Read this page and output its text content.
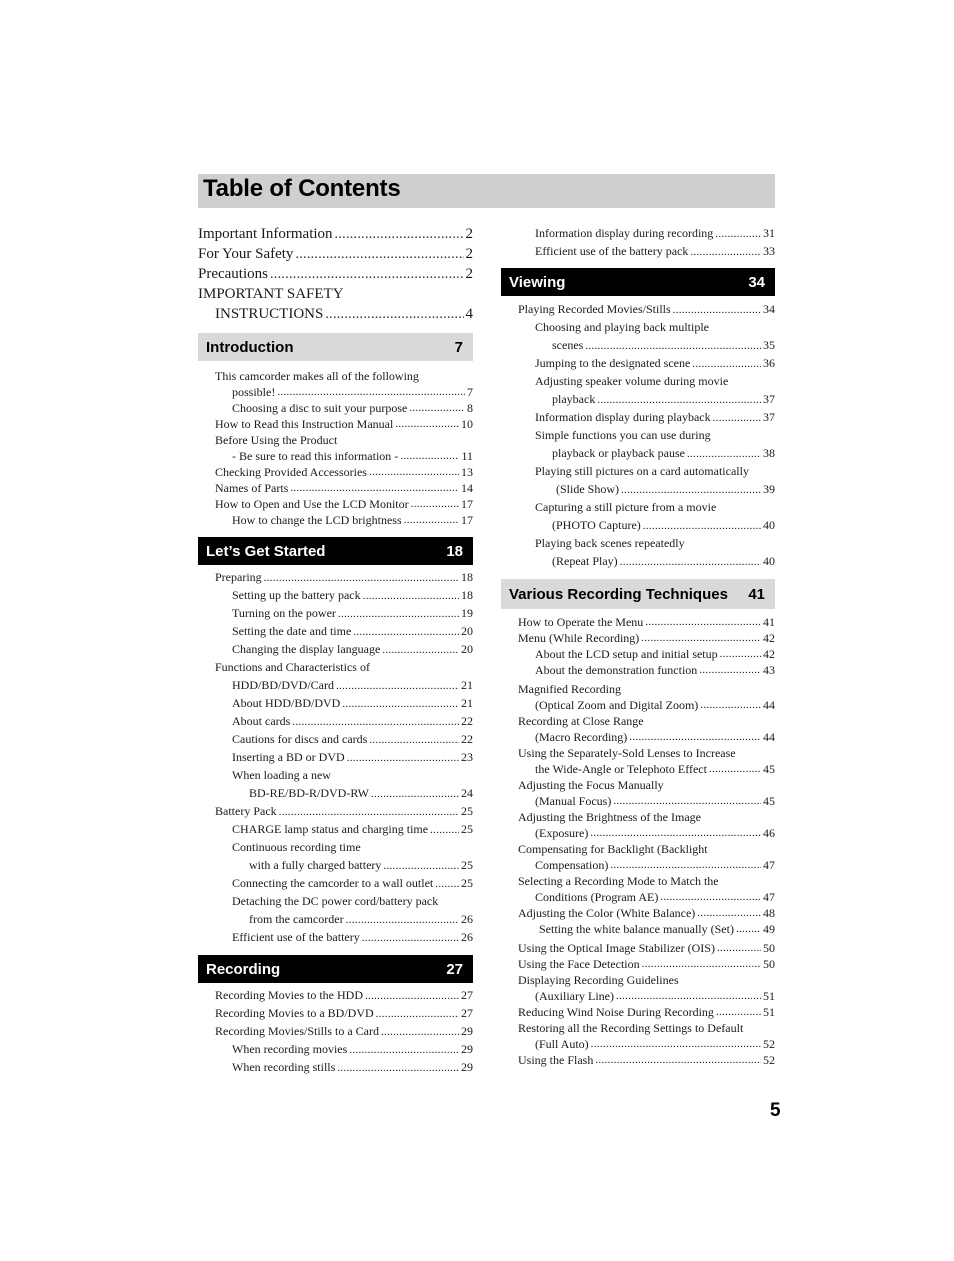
Table of Contents
Important Information .....	2
For Your Safety .....	2
Precautions .....	2
IMPORTANT SAFETY
INSTRUCTIONS .....	4
Introduction	7
This camcorder makes all of the following
possible! .....	7
Choosing a disc to suit your purpose .....	8
How to Read this Instruction Manual .....	10
Before Using the Product
- Be sure to read this information - .....	11
Checking Provided Accessories .....	13
Names of Parts .....	14
How to Open and Use the LCD Monitor .....	17
How to change the LCD brightness .....	17
Let’s Get Started	18
Preparing .....	18
Setting up the battery pack .....	18
Turning on the power .....	19
Setting the date and time .....	20
Changing the display language .....	20
Functions and Characteristics of
HDD/BD/DVD/Card .....	21
About HDD/BD/DVD .....	21
About cards .....	22
Cautions for discs and cards .....	22
Inserting a BD or DVD .....	23
When loading a new
BD-RE/BD-R/DVD-RW .....	24
Battery Pack .....	25
CHARGE lamp status and charging time .....	25
Continuous recording time
with a fully charged battery .....	25
Connecting the camcorder to a wall outlet ..... 25
Detaching the DC power cord/battery pack
from the camcorder .....	26
Efficient use of the battery .....	26
Recording	27
Recording Movies to the HDD .....	27
Recording Movies to a BD/DVD .....	27
Recording Movies/Stills to a Card .....	29
When recording movies .....	29
When recording stills .....	29
Information display during recording .....	31
Efficient use of the battery pack .....	33
Viewing	34
Playing Recorded Movies/Stills .....	34
Choosing and playing back multiple
scenes .....	35
Jumping to the designated scene .....	36
Adjusting speaker volume during movie
playback .....	37
Information display during playback .....	37
Simple functions you can use during
playback or playback pause .....	38
Playing still pictures on a card automatically
(Slide Show) .....	39
Capturing a still picture from a movie
(PHOTO Capture) .....	40
Playing back scenes repeatedly
(Repeat Play) .....	40
Various Recording Techniques 41
How to Operate the Menu .....	41
Menu (While Recording) .....	42
About the LCD setup and initial setup .....	42
About the demonstration function .....	43
Magnified Recording
(Optical Zoom and Digital Zoom) .....	44
Recording at Close Range
(Macro Recording) .....	44
Using the Separately-Sold Lenses to Increase
the Wide-Angle or Telephoto Effect .....	45
Adjusting the Focus Manually
(Manual Focus) .....	45
Adjusting the Brightness of the Image
(Exposure) .....	46
Compensating for Backlight (Backlight
Compensation) .....	47
Selecting a Recording Mode to Match the
Conditions (Program AE) .....	47
Adjusting the Color (White Balance) .....	48
Setting the white balance manually (Set) ..... 49
Using the Optical Image Stabilizer (OIS) .....	50
Using the Face Detection .....	50
Displaying Recording Guidelines
(Auxiliary Line) .....	51
Reducing Wind Noise During Recording .....	51
Restoring all the Recording Settings to Default
(Full Auto) .....	52
Using the Flash .....	52
5
